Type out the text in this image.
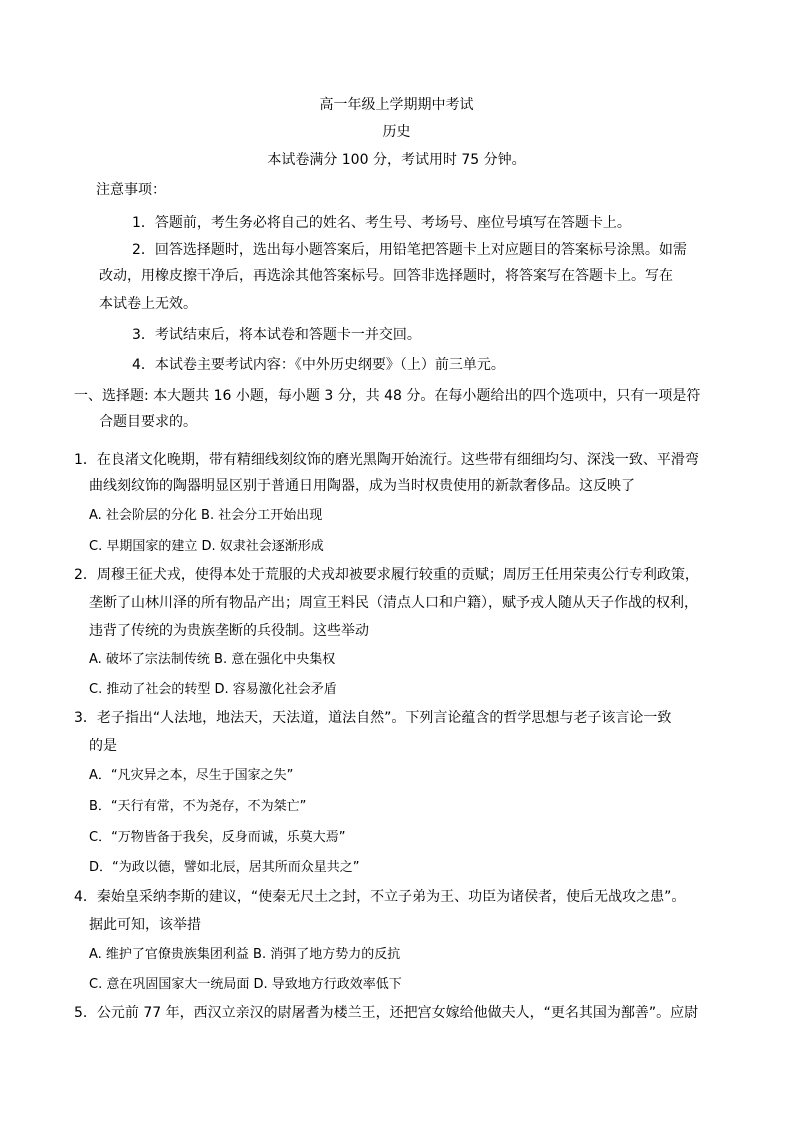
高一年级上学期期中考试
历史
本试卷满分 100 分，考试用时 75 分钟。
注意事项：
1．答题前，考生务必将自己的姓名、考生号、考场号、座位号填写在答题卡上。
2．回答选择题时，选出每小题答案后，用铅笔把答题卡上对应题目的答案标号涂黑。如需
改动，用橡皮擦干净后，再选涂其他答案标号。回答非选择题时，将答案写在答题卡上。写在
本试卷上无效。
3．考试结束后，将本试卷和答题卡一并交回。
4．本试卷主要考试内容：《中外历史纲要》（上）前三单元。
一、选择题: 本大题共 16 小题，每小题 3 分，共 48 分。在每小题给出的四个选项中，只有一项是符
合题目要求的。
1．在良渚文化晚期，带有精细线刻纹饰的磨光黑陶开始流行。这些带有细细均匀、深浅一致、平滑弯
曲线刻纹饰的陶器明显区别于普通日用陶器，成为当时权贵使用的新款奢侈品。这反映了
A. 社会阶层的分化 B. 社会分工开始出现
C. 早期国家的建立 D. 奴隶社会逐渐形成
2．周穆王征犬戎，使得本处于荒服的犬戎却被要求履行较重的贡赋；周厉王任用荣夷公行专利政策，
垄断了山林川泽的所有物品产出；周宣王料民（清点人口和户籍），赋予戎人随从天子作战的权利，
违背了传统的为贵族垄断的兵役制。这些举动
A. 破坏了宗法制传统 B. 意在强化中央集权
C. 推动了社会的转型 D. 容易激化社会矛盾
3．老子指出“人法地，地法天，天法道，道法自然”。下列言论蕴含的哲学思想与老子该言论一致
的是
A．“凡灾异之本，尽生于国家之失”
B．“天行有常，不为尧存，不为桀亡”
C．“万物皆备于我矣，反身而诚，乐莫大焉”
D．“为政以德，譬如北辰，居其所而众星共之”
4．秦始皇采纳李斯的建议，“使秦无尺土之封，不立子弟为王、功臣为诸侯者，使后无战攻之患”。
据此可知，该举措
A. 维护了官僚贵族集团利益 B. 消弭了地方势力的反抗
C. 意在巩固国家大一统局面 D. 导致地方行政效率低下
5．公元前 77 年，西汉立亲汉的尉屠耆为楼兰王，还把宫女嫁给他做夫人，“更名其国为鄯善”。应尉
